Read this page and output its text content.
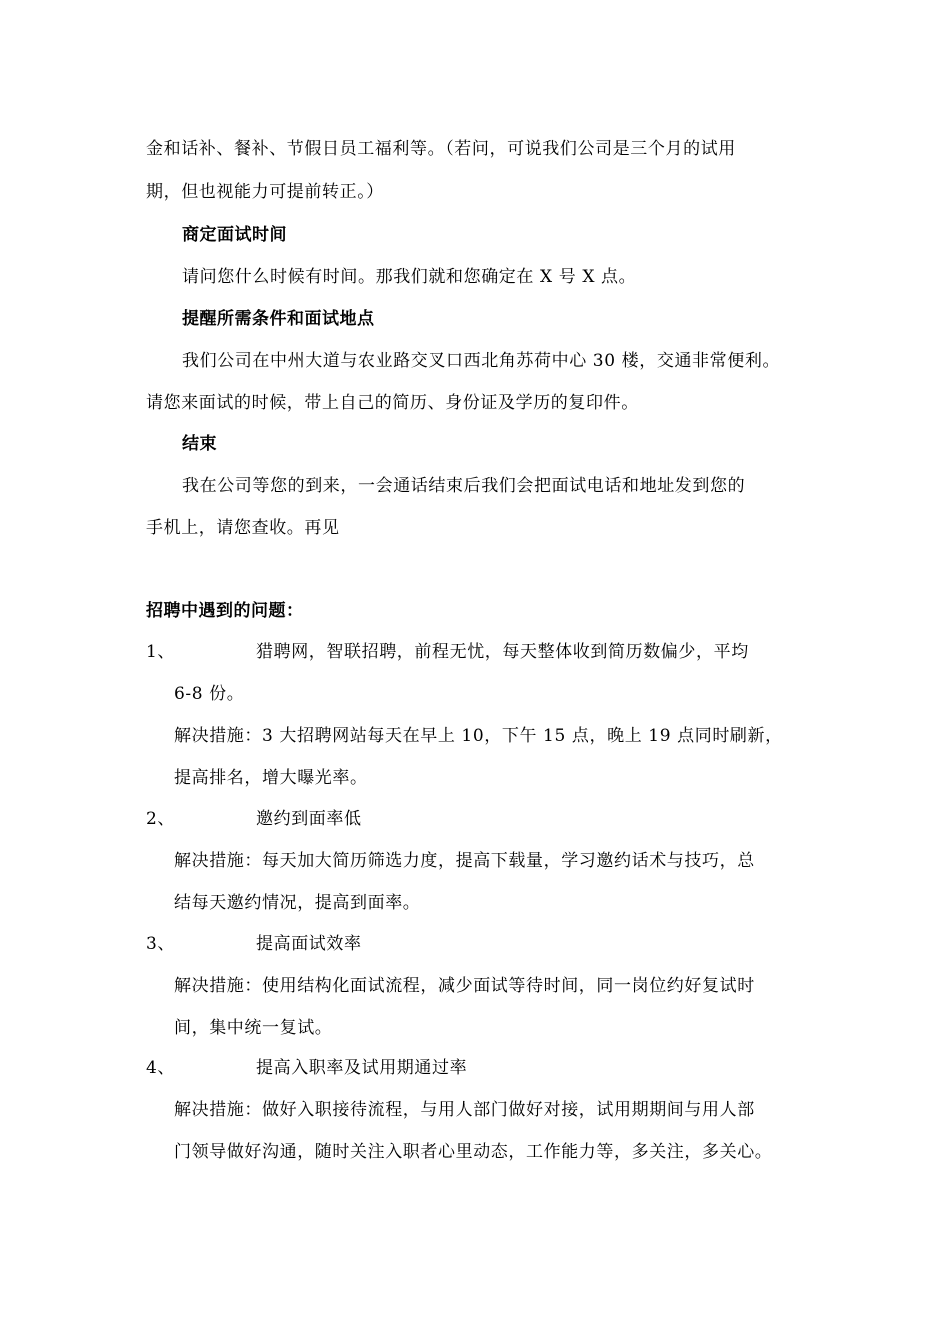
金和话补、餐补、节假日员工福利等。（若问，可说我们公司是三个月的试用
期，但也视能力可提前转正。）
商定面试时间
请问您什么时候有时间。那我们就和您确定在 X 号 X 点。
提醒所需条件和面试地点
我们公司在中州大道与农业路交叉口西北角苏荷中心 30 楼，交通非常便利。
请您来面试的时候，带上自己的简历、身份证及学历的复印件。
结束
我在公司等您的到来，一会通话结束后我们会把面试电话和地址发到您的
手机上，请您查收。再见
招聘中遇到的问题：
1、	猎聘网，智联招聘，前程无忧，每天整体收到简历数偏少，平均
6-8 份。
解决措施：3 大招聘网站每天在早上 10，下午 15 点，晚上 19 点同时刷新，
提高排名，增大曝光率。
2、	邀约到面率低
解决措施：每天加大简历筛选力度，提高下载量，学习邀约话术与技巧，总
结每天邀约情况，提高到面率。
3、	提高面试效率
解决措施：使用结构化面试流程，减少面试等待时间，同一岗位约好复试时
间，集中统一复试。
4、	提高入职率及试用期通过率
解决措施：做好入职接待流程，与用人部门做好对接，试用期期间与用人部
门领导做好沟通，随时关注入职者心里动态，工作能力等，多关注，多关心。
